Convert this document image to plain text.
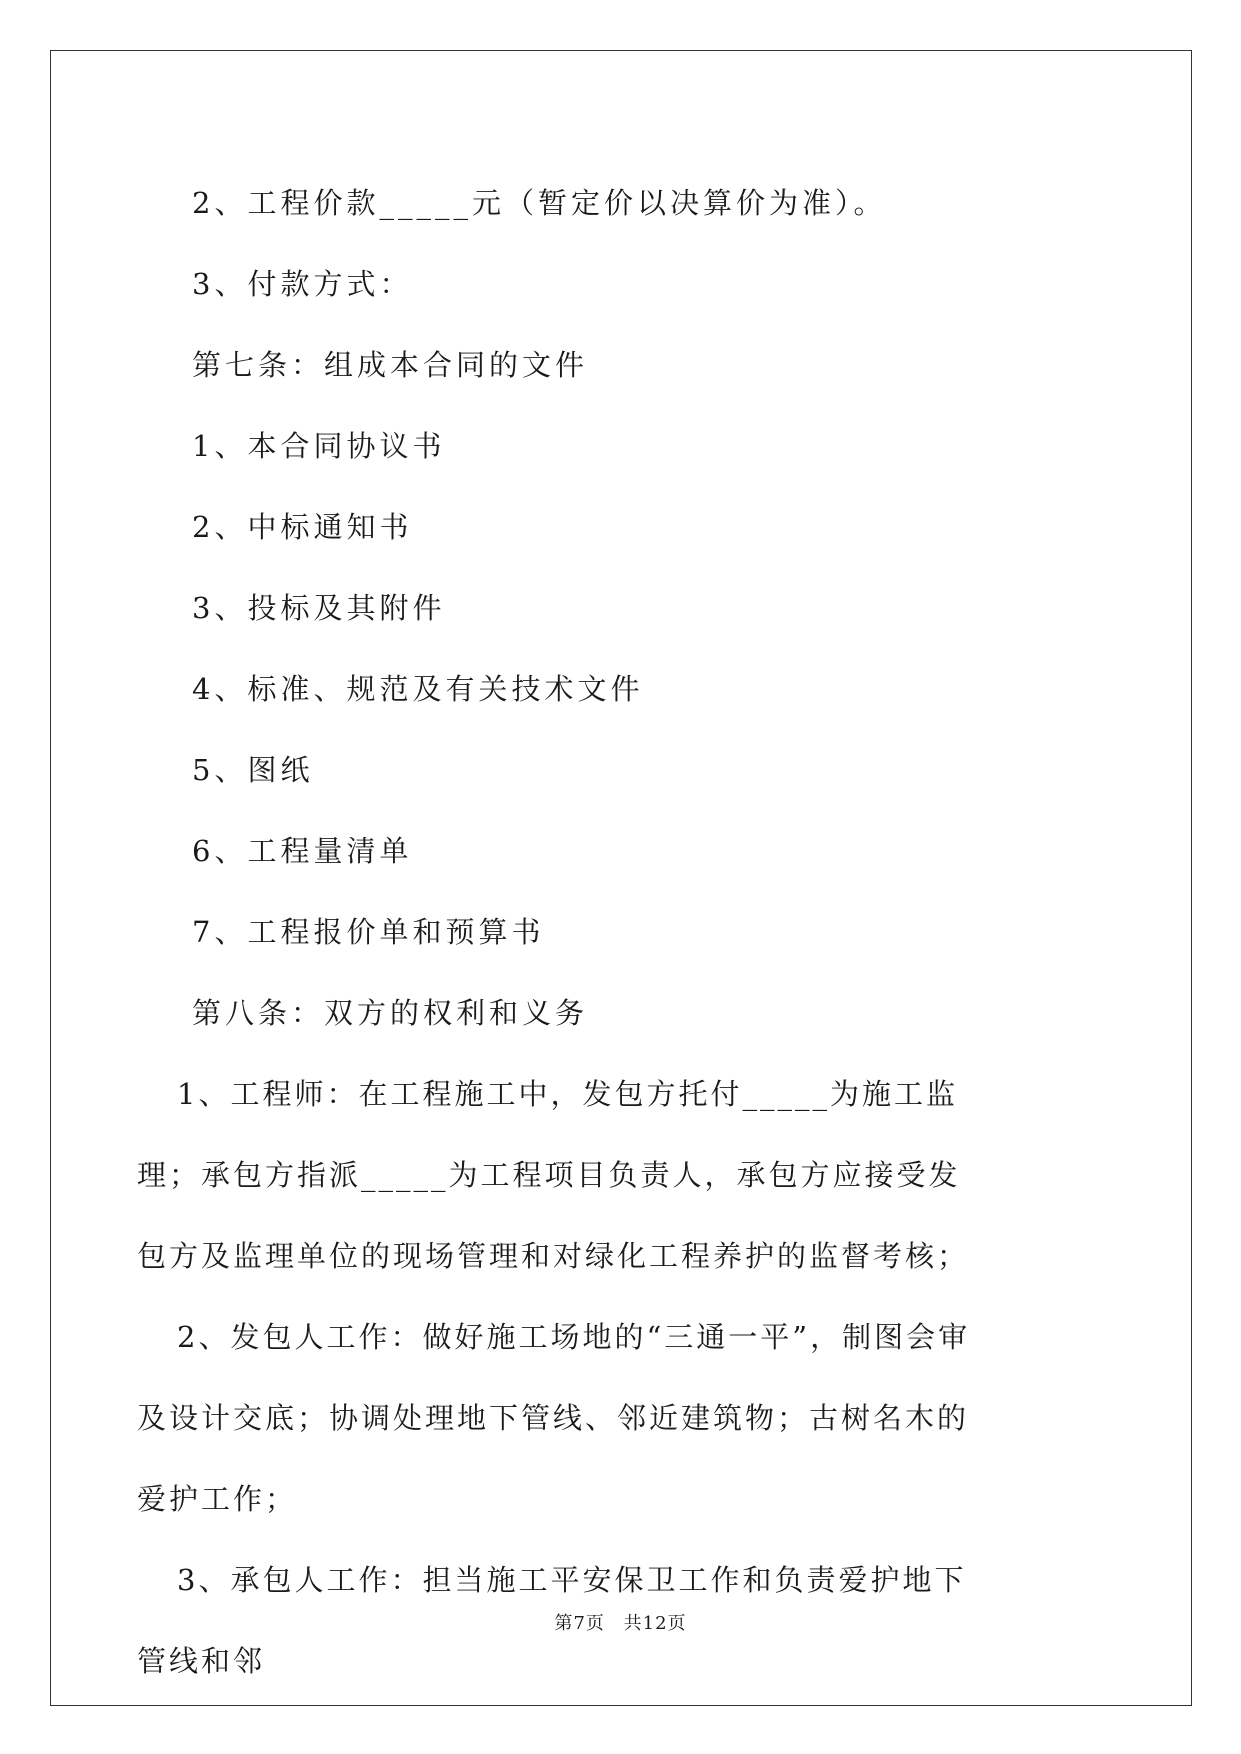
2、工程价款_____元（暂定价以决算价为准）。

3、付款方式：

第七条：组成本合同的文件

1、本合同协议书

2、中标通知书

3、投标及其附件

4、标准、规范及有关技术文件

5、图纸

6、工程量清单

7、工程报价单和预算书

第八条：双方的权利和义务

1、工程师：在工程施工中，发包方托付_____为施工监理；承包方指派_____为工程项目负责人，承包方应接受发包方及监理单位的现场管理和对绿化工程养护的监督考核；

2、发包人工作：做好施工场地的“三通一平”，制图会审及设计交底；协调处理地下管线、邻近建筑物；古树名木的爱护工作；

3、承包人工作：担当施工平安保卫工作和负责爱护地下管线和邻

第7页 共12页
